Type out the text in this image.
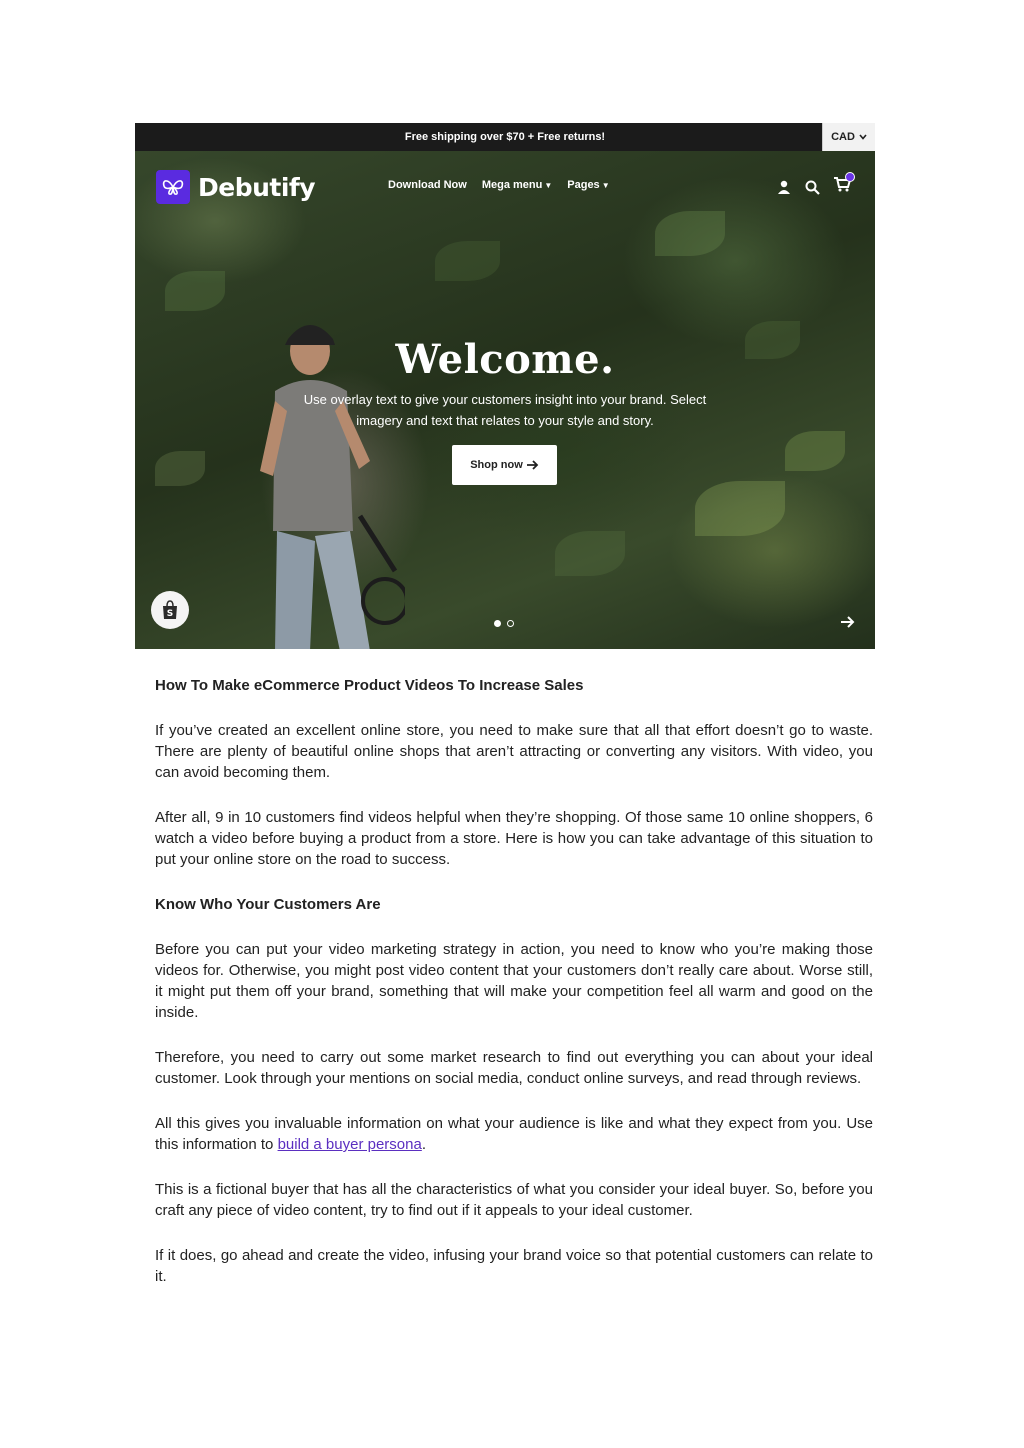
Free shipping over $70 + Free returns!	CAD
Debutify	Download Now Mega menu ▼ Pages ▼
Welcome.
Use overlay text to give your customers insight into your brand. Select imagery and text that relates to your style and story.
Shop now
S
How To Make eCommerce Product Videos To Increase Sales

If you’ve created an excellent online store, you need to make sure that all that effort doesn’t go to waste. There are plenty of beautiful online shops that aren’t attracting or converting any visitors. With video, you can avoid becoming them.

After all, 9 in 10 customers find videos helpful when they’re shopping. Of those same 10 online shoppers, 6 watch a video before buying a product from a store. Here is how you can take advantage of this situation to put your online store on the road to success.

Know Who Your Customers Are

Before you can put your video marketing strategy in action, you need to know who you’re making those videos for. Otherwise, you might post video content that your customers don’t really care about. Worse still, it might put them off your brand, something that will make your competition feel all warm and good on the inside.

Therefore, you need to carry out some market research to find out everything you can about your ideal customer. Look through your mentions on social media, conduct online surveys, and read through reviews.

All this gives you invaluable information on what your audience is like and what they expect from you. Use this information to build a buyer persona.

This is a fictional buyer that has all the characteristics of what you consider your ideal buyer. So, before you craft any piece of video content, try to find out if it appeals to your ideal customer.

If it does, go ahead and create the video, infusing your brand voice so that potential customers can relate to it.
